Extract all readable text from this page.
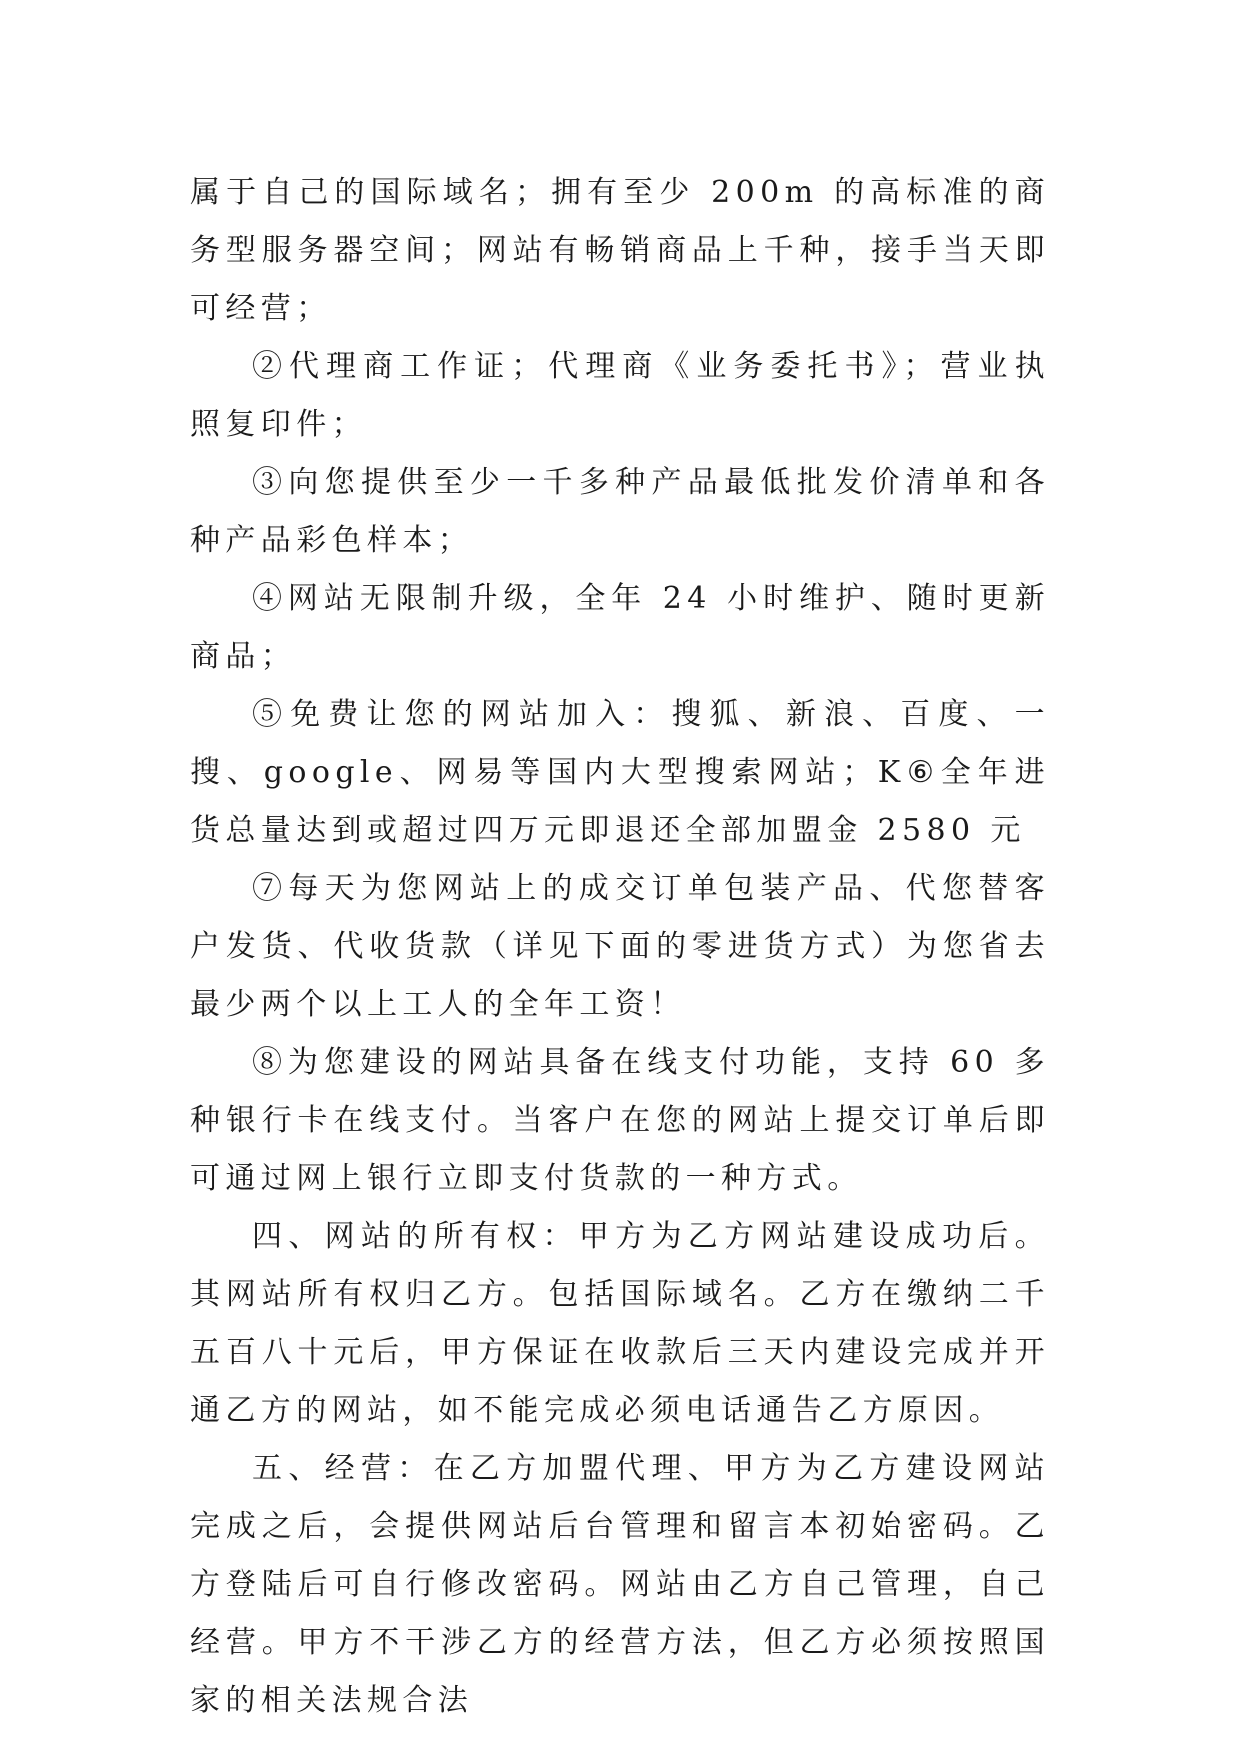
属于自己的国际域名；拥有至少 200m 的高标准的商务型服务器空间；网站有畅销商品上千种，接手当天即可经营；

②代理商工作证；代理商《业务委托书》；营业执照复印件；

③向您提供至少一千多种产品最低批发价清单和各种产品彩色样本；

④网站无限制升级，全年 24 小时维护、随时更新商品；

⑤免费让您的网站加入：搜狐、新浪、百度、一搜、google、网易等国内大型搜索网站；K⑥全年进货总量达到或超过四万元即退还全部加盟金 2580 元

⑦每天为您网站上的成交订单包装产品、代您替客户发货、代收货款（详见下面的零进货方式）为您省去最少两个以上工人的全年工资！

⑧为您建设的网站具备在线支付功能，支持 60 多种银行卡在线支付。当客户在您的网站上提交订单后即可通过网上银行立即支付货款的一种方式。

四、网站的所有权：甲方为乙方网站建设成功后。其网站所有权归乙方。包括国际域名。乙方在缴纳二千五百八十元后，甲方保证在收款后三天内建设完成并开通乙方的网站，如不能完成必须电话通告乙方原因。

五、经营：在乙方加盟代理、甲方为乙方建设网站完成之后，会提供网站后台管理和留言本初始密码。乙方登陆后可自行修改密码。网站由乙方自己管理，自己经营。甲方不干涉乙方的经营方法，但乙方必须按照国家的相关法规合法
